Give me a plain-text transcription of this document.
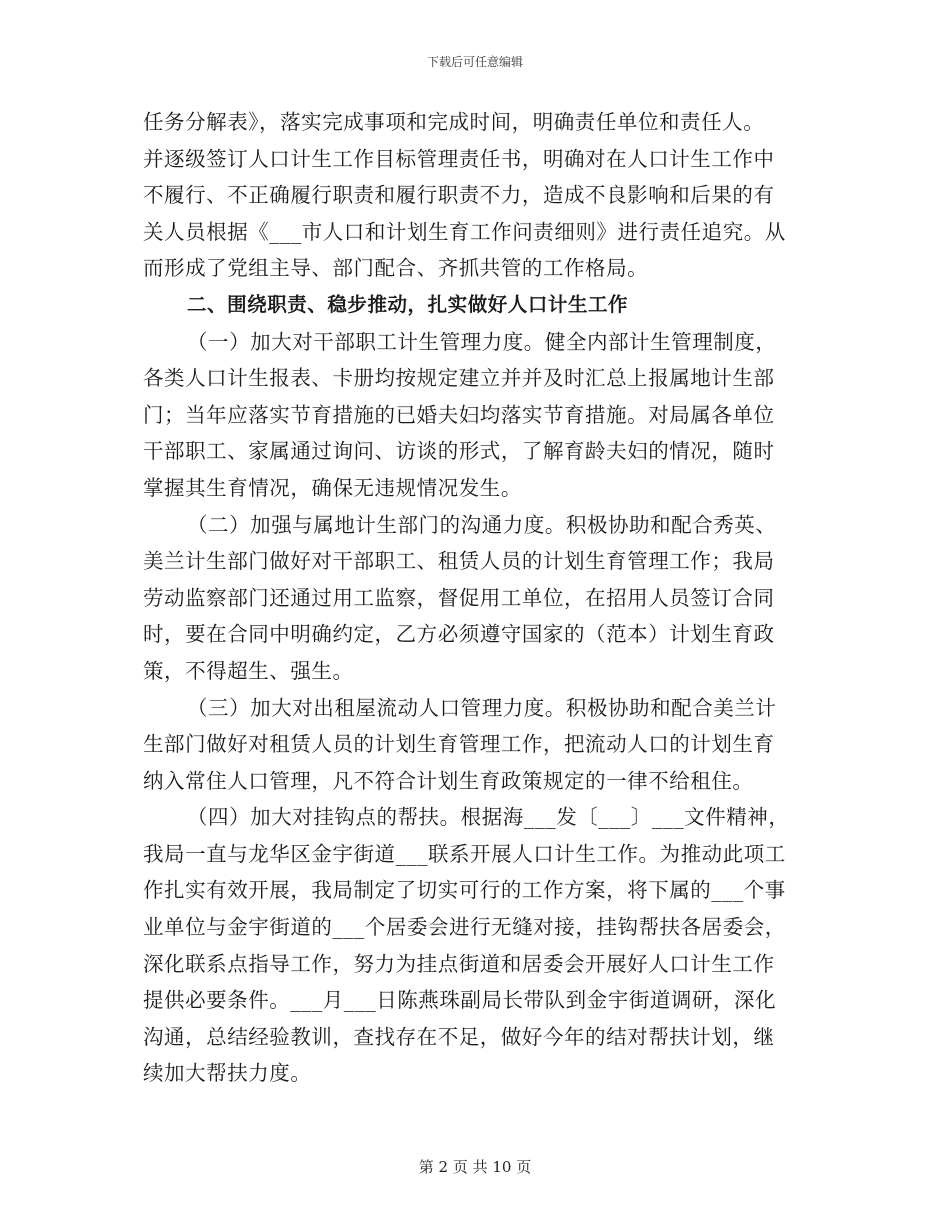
下载后可任意编辑
任务分解表》，落实完成事项和完成时间，明确责任单位和责任人。
并逐级签订人口计生工作目标管理责任书，明确对在人口计生工作中
不履行、不正确履行职责和履行职责不力，造成不良影响和后果的有
关人员根据《___市人口和计划生育工作问责细则》进行责任追究。从
而形成了党组主导、部门配合、齐抓共管的工作格局。
二、围绕职责、稳步推动，扎实做好人口计生工作
（一）加大对干部职工计生管理力度。健全内部计生管理制度，
各类人口计生报表、卡册均按规定建立并并及时汇总上报属地计生部
门；当年应落实节育措施的已婚夫妇均落实节育措施。对局属各单位
干部职工、家属通过询问、访谈的形式，了解育龄夫妇的情况，随时
掌握其生育情况，确保无违规情况发生。
（二）加强与属地计生部门的沟通力度。积极协助和配合秀英、
美兰计生部门做好对干部职工、租赁人员的计划生育管理工作；我局
劳动监察部门还通过用工监察，督促用工单位，在招用人员签订合同
时，要在合同中明确约定，乙方必须遵守国家的（范本）计划生育政
策，不得超生、强生。
（三）加大对出租屋流动人口管理力度。积极协助和配合美兰计
生部门做好对租赁人员的计划生育管理工作，把流动人口的计划生育
纳入常住人口管理，凡不符合计划生育政策规定的一律不给租住。
（四）加大对挂钩点的帮扶。根据海___发〔___〕___文件精神，
我局一直与龙华区金宇街道___联系开展人口计生工作。为推动此项工
作扎实有效开展，我局制定了切实可行的工作方案，将下属的___个事
业单位与金宇街道的___个居委会进行无缝对接，挂钩帮扶各居委会，
深化联系点指导工作，努力为挂点街道和居委会开展好人口计生工作
提供必要条件。___月___日陈燕珠副局长带队到金宇街道调研，深化
沟通，总结经验教训，查找存在不足，做好今年的结对帮扶计划，继
续加大帮扶力度。
第 2 页 共 10 页
